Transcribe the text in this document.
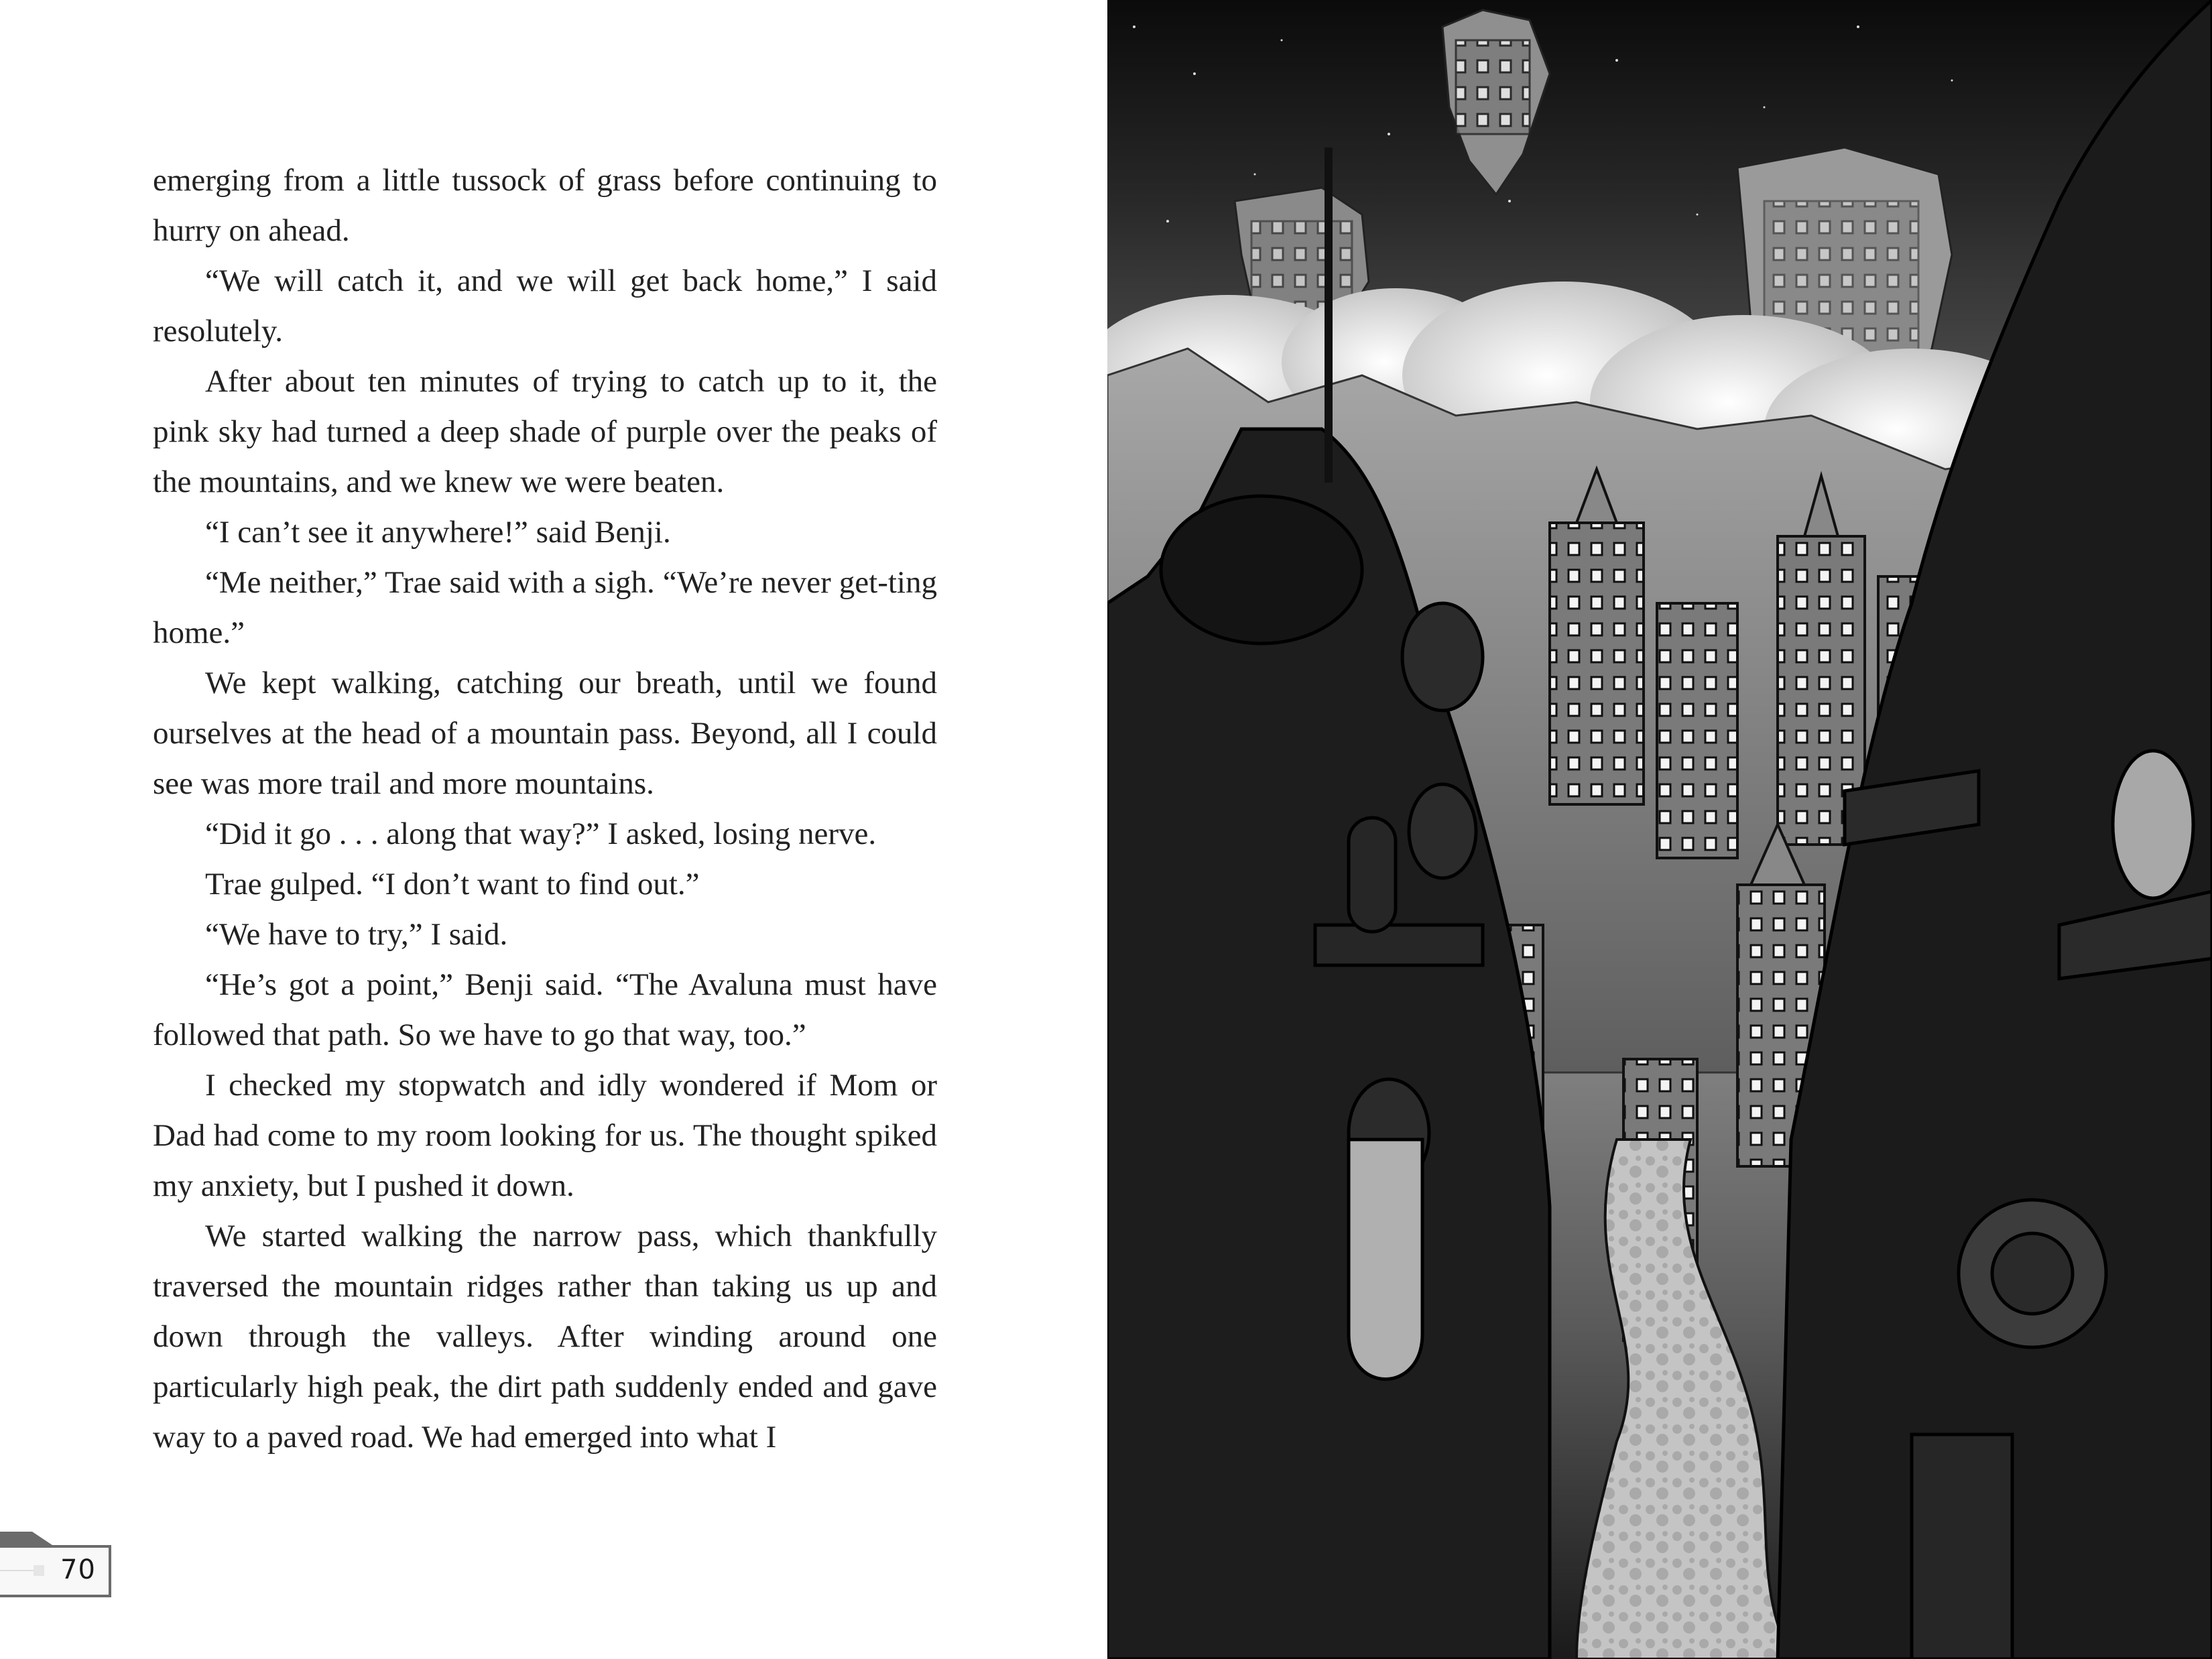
emerging from a little tussock of grass before continuing to hurry on ahead.

“We will catch it, and we will get back home,” I said resolutely.

After about ten minutes of trying to catch up to it, the pink sky had turned a deep shade of purple over the peaks of the mountains, and we knew we were beaten.

“I can’t see it anywhere!” said Benji.

“Me neither,” Trae said with a sigh. “We’re never get-ting home.”

We kept walking, catching our breath, until we found ourselves at the head of a mountain pass. Beyond, all I could see was more trail and more mountains.

“Did it go . . . along that way?” I asked, losing nerve.

Trae gulped. “I don’t want to find out.”

“We have to try,” I said.

“He’s got a point,” Benji said. “The Avaluna must have followed that path. So we have to go that way, too.”

I checked my stopwatch and idly wondered if Mom or Dad had come to my room looking for us. The thought spiked my anxiety, but I pushed it down.

We started walking the narrow pass, which thankfully traversed the mountain ridges rather than taking us up and down through the valleys. After winding around one particularly high peak, the dirt path suddenly ended and gave way to a paved road. We had emerged into what I

70
